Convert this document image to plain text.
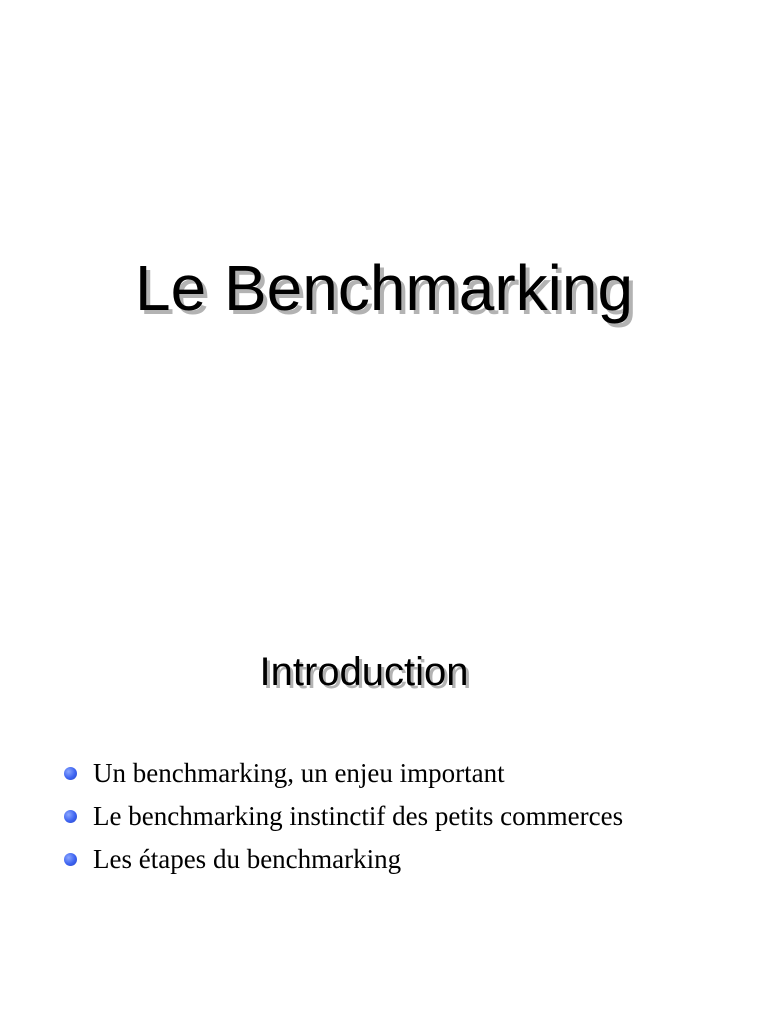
Le Benchmarking
Introduction
Un benchmarking, un enjeu important
Le benchmarking instinctif des petits commerces
Les étapes du benchmarking
